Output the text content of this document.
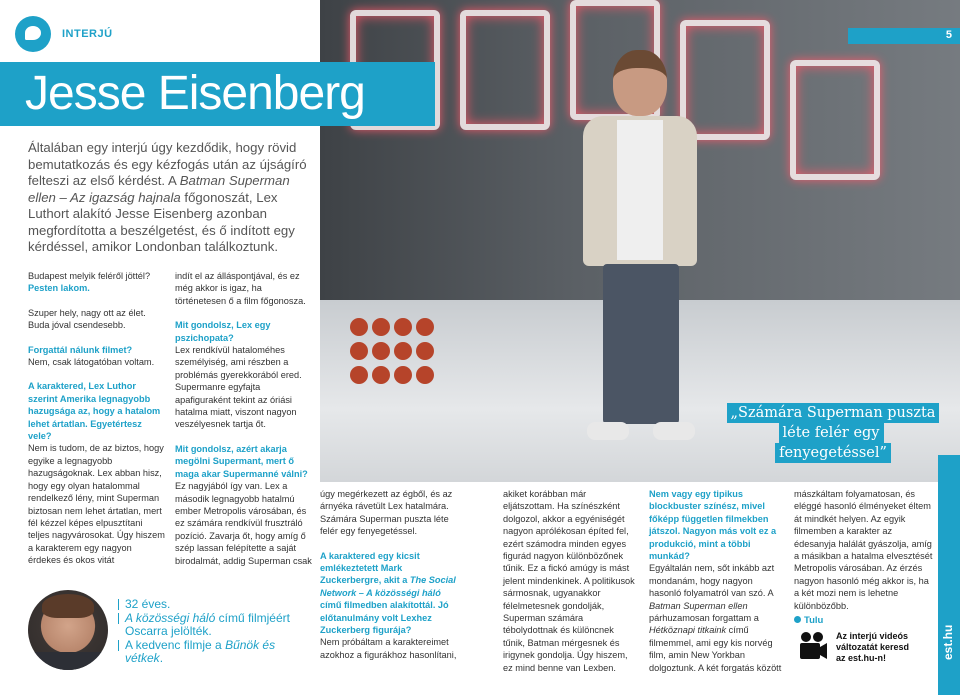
INTERJÚ	5
Jesse Eisenberg
Általában egy interjú úgy kezdődik, hogy rövid bemutatkozás és egy kézfogás után az újságíró felteszi az első kérdést. A Batman Superman ellen – Az igazság hajnala főgonoszát, Lex Luthort alakító Jesse Eisenberg azonban megfordította a beszélgetést, és ő indított egy kérdéssel, amikor Londonban találkoztunk.

Budapest melyik feléről jöttél?
Pesten lakom.

Szuper hely, nagy ott az élet.
Buda jóval csendesebb.

Forgattál nálunk filmet?
Nem, csak látogatóban voltam.

A karaktered, Lex Luthor szerint Amerika legnagyobb hazugsága az, hogy a hatalom lehet ártatlan. Egyetértesz vele?
Nem is tudom, de az biztos, hogy egyike a legnagyobb hazugságoknak. Lex abban hisz, hogy egy olyan hatalommal rendelkező lény, mint Superman biztosan nem lehet ártatlan, mert fél kézzel képes elpusztítani teljes nagyvárosokat. Úgy hiszem a karakterem egy nagyon érdekes és okos vitát

indít el az álláspontjával, és ez még akkor is igaz, ha történetesen ő a film főgonosza.

Mit gondolsz, Lex egy pszichopata?
Lex rendkívül hataloméhes személyiség, ami részben a problémás gyerekkorából ered. Supermanre egyfajta apafiguraként tekint az óriási hatalma miatt, viszont nagyon veszélyesnek tartja őt.

Mit gondolsz, azért akarja megölni Supermant, mert ő maga akar Supermanné válni?
Ez nagyjából így van. Lex a második legnagyobb hatalmú ember Metropolis városában, és ez számára rendkívül frusztráló pozíció. Zavarja őt, hogy amíg ő szép lassan felépítette a saját birodalmát, addig Superman csak

„Számára Superman puszta
léte felér egy fenyegetéssel”

úgy megérkezett az égből, és az árnyéka rávetült Lex hatalmára. Számára Superman puszta léte felér egy fenyegetéssel.

A karaktered egy kicsit emlékeztetett Mark Zuckerbergre, akit a The Social Network – A közösségi háló című filmedben alakítottál. Jó előtanulmány volt Lexhez Zuckerberg figurája?
Nem próbáltam a karaktereimet azokhoz a figurákhoz hasonlítani,

akiket korábban már eljátszottam. Ha színészként dolgozol, akkor a egyéniségét nagyon aprólékosan építed fel, ezért számodra minden egyes figurád nagyon különbözőnek tűnik. Ez a fickó amúgy is mást jelent mindenkinek. A politikusok sármosnak, ugyanakkor félelmetesnek gondolják, Superman számára tébolydottnak és különcnek tűnik, Batman mérgesnek és irigynek gondolja. Úgy hiszem, ez mind benne van Lexben.

Nem vagy egy tipikus blockbuster színész, mivel főképp független filmekben játszol. Nagyon más volt ez a produkció, mint a többi munkád?
Egyáltalán nem, sőt inkább azt mondanám, hogy nagyon hasonló folyamatról van szó. A Batman Superman ellen párhuzamosan forgattam a Hétköznapi titkaink című filmemmel, ami egy kis norvég film, amin New Yorkban dolgoztunk. A két forgatás között

mászkáltam folyamatosan, és eléggé hasonló élményeket éltem át mindkét helyen. Az egyik filmemben a karakter az édesanyja halálát gyászolja, amíg a másikban a hatalma elvesztését Metropolis városában. Az érzés nagyon hasonló még akkor is, ha a két mozi nem is lehetne különbözőbb.

32 éves.
A közösségi háló című filmjéért
Oscarra jelölték.
A kedvenc filmje a Bűnök és
vétkek.
Tulu
Az interjú videós
változatát keresd
az est.hu-n!	est.hu
